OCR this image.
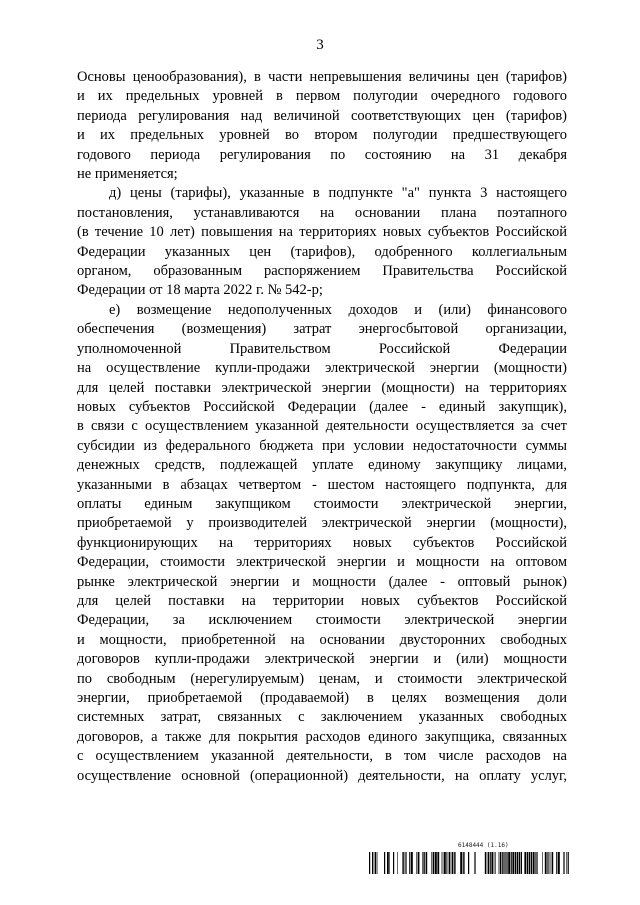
3
Основы ценообразования), в части непревышения величины цен (тарифов)
и их предельных уровней в первом полугодии очередного годового
периода регулирования над величиной соответствующих цен (тарифов)
и их предельных уровней во втором полугодии предшествующего
годового периода регулирования по состоянию на 31 декабря
не применяется;
д) цены (тарифы), указанные в подпункте "а" пункта 3 настоящего
постановления, устанавливаются на основании плана поэтапного
(в течение 10 лет) повышения на территориях новых субъектов Российской
Федерации указанных цен (тарифов), одобренного коллегиальным
органом, образованным распоряжением Правительства Российской
Федерации от 18 марта 2022 г. № 542-р;
е) возмещение недополученных доходов и (или) финансового
обеспечения (возмещения) затрат энергосбытовой организации,
уполномоченной Правительством Российской Федерации
на осуществление купли-продажи электрической энергии (мощности)
для целей поставки электрической энергии (мощности) на территориях
новых субъектов Российской Федерации (далее - единый закупщик),
в связи с осуществлением указанной деятельности осуществляется за счет
субсидии из федерального бюджета при условии недостаточности суммы
денежных средств, подлежащей уплате единому закупщику лицами,
указанными в абзацах четвертом - шестом настоящего подпункта, для
оплаты единым закупщиком стоимости электрической энергии,
приобретаемой у производителей электрической энергии (мощности),
функционирующих на территориях новых субъектов Российской
Федерации, стоимости электрической энергии и мощности на оптовом
рынке электрической энергии и мощности (далее - оптовый рынок)
для целей поставки на территории новых субъектов Российской
Федерации, за исключением стоимости электрической энергии
и мощности, приобретенной на основании двусторонних свободных
договоров купли-продажи электрической энергии и (или) мощности
по свободным (нерегулируемым) ценам, и стоимости электрической
энергии, приобретаемой (продаваемой) в целях возмещения доли
системных затрат, связанных с заключением указанных свободных
договоров, а также для покрытия расходов единого закупщика, связанных
с осуществлением указанной деятельности, в том числе расходов на
осуществление основной (операционной) деятельности, на оплату услуг,
6148444 (1.16)
